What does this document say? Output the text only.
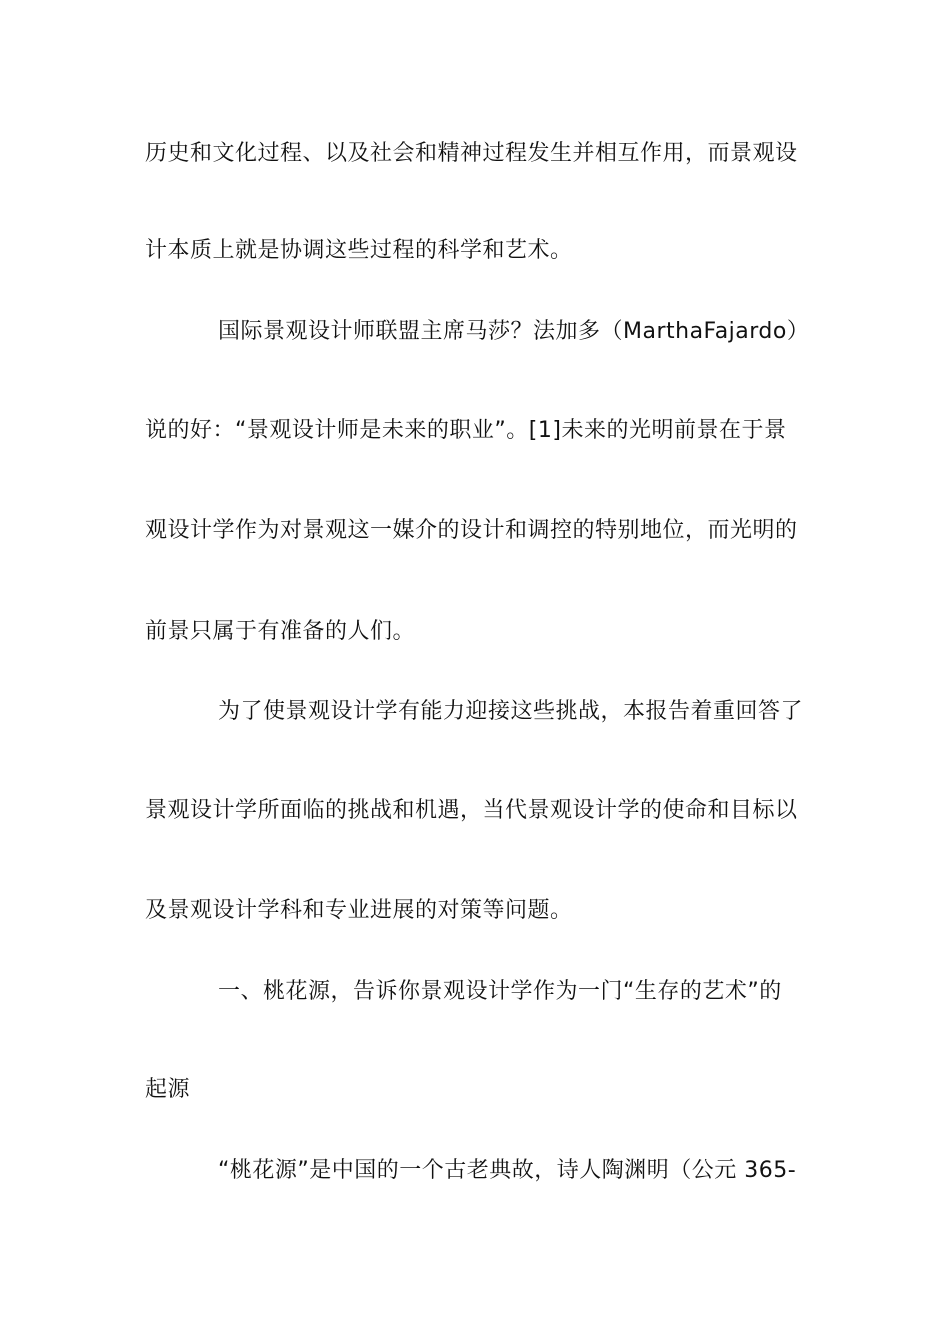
历史和文化过程、以及社会和精神过程发生并相互作用，而景观设
计本质上就是协调这些过程的科学和艺术。
国际景观设计师联盟主席马莎？法加多（MarthaFajardo）
说的好：“景观设计师是未来的职业”。[1]未来的光明前景在于景
观设计学作为对景观这一媒介的设计和调控的特别地位，而光明的
前景只属于有准备的人们。
为了使景观设计学有能力迎接这些挑战，本报告着重回答了
景观设计学所面临的挑战和机遇，当代景观设计学的使命和目标以
及景观设计学科和专业进展的对策等问题。
一、桃花源，告诉你景观设计学作为一门“生存的艺术”的
起源
“桃花源”是中国的一个古老典故，诗人陶渊明（公元 365-
